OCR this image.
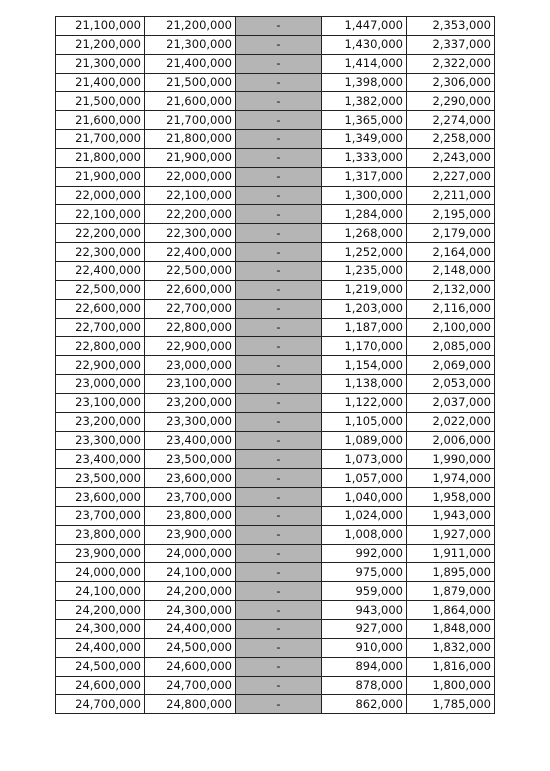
21,100,000	21,200,000	-	1,447,000	2,353,000
21,200,000	21,300,000	-	1,430,000	2,337,000
21,300,000	21,400,000	-	1,414,000	2,322,000
21,400,000	21,500,000	-	1,398,000	2,306,000
21,500,000	21,600,000	-	1,382,000	2,290,000
21,600,000	21,700,000	-	1,365,000	2,274,000
21,700,000	21,800,000	-	1,349,000	2,258,000
21,800,000	21,900,000	-	1,333,000	2,243,000
21,900,000	22,000,000	-	1,317,000	2,227,000
22,000,000	22,100,000	-	1,300,000	2,211,000
22,100,000	22,200,000	-	1,284,000	2,195,000
22,200,000	22,300,000	-	1,268,000	2,179,000
22,300,000	22,400,000	-	1,252,000	2,164,000
22,400,000	22,500,000	-	1,235,000	2,148,000
22,500,000	22,600,000	-	1,219,000	2,132,000
22,600,000	22,700,000	-	1,203,000	2,116,000
22,700,000	22,800,000	-	1,187,000	2,100,000
22,800,000	22,900,000	-	1,170,000	2,085,000
22,900,000	23,000,000	-	1,154,000	2,069,000
23,000,000	23,100,000	-	1,138,000	2,053,000
23,100,000	23,200,000	-	1,122,000	2,037,000
23,200,000	23,300,000	-	1,105,000	2,022,000
23,300,000	23,400,000	-	1,089,000	2,006,000
23,400,000	23,500,000	-	1,073,000	1,990,000
23,500,000	23,600,000	-	1,057,000	1,974,000
23,600,000	23,700,000	-	1,040,000	1,958,000
23,700,000	23,800,000	-	1,024,000	1,943,000
23,800,000	23,900,000	-	1,008,000	1,927,000
23,900,000	24,000,000	-	992,000	1,911,000
24,000,000	24,100,000	-	975,000	1,895,000
24,100,000	24,200,000	-	959,000	1,879,000
24,200,000	24,300,000	-	943,000	1,864,000
24,300,000	24,400,000	-	927,000	1,848,000
24,400,000	24,500,000	-	910,000	1,832,000
24,500,000	24,600,000	-	894,000	1,816,000
24,600,000	24,700,000	-	878,000	1,800,000
24,700,000	24,800,000	-	862,000	1,785,000
